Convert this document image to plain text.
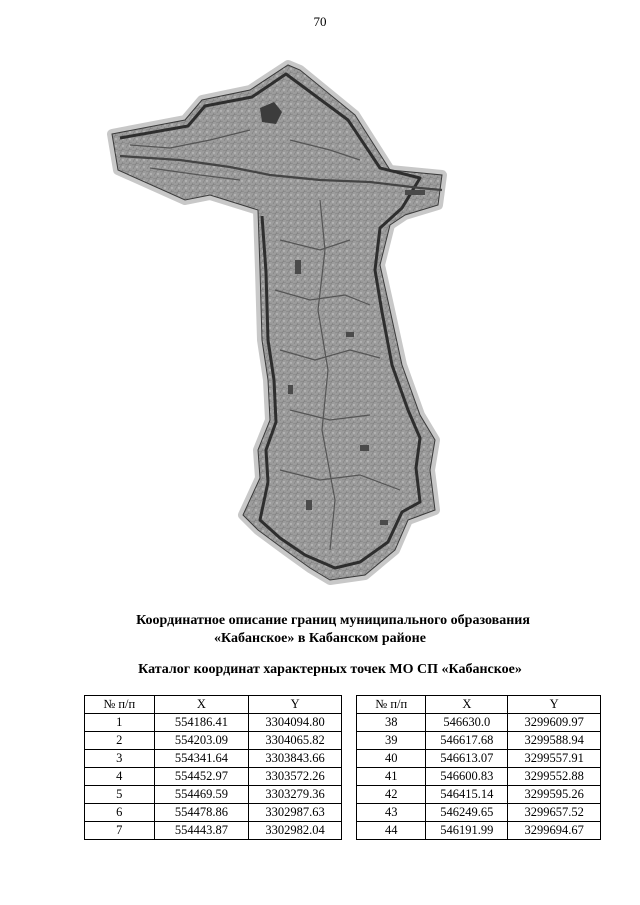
70
Координатное описание границ муниципального образования
«Кабанское» в Кабанском районе
Каталог координат характерных точек МО СП «Кабанское»
№ п/п	X	Y
1	554186.41	3304094.80
2	554203.09	3304065.82
3	554341.64	3303843.66
4	554452.97	3303572.26
5	554469.59	3303279.36
6	554478.86	3302987.63
7	554443.87	3302982.04
№ п/п	X	Y
38	546630.0	3299609.97
39	546617.68	3299588.94
40	546613.07	3299557.91
41	546600.83	3299552.88
42	546415.14	3299595.26
43	546249.65	3299657.52
44	546191.99	3299694.67
